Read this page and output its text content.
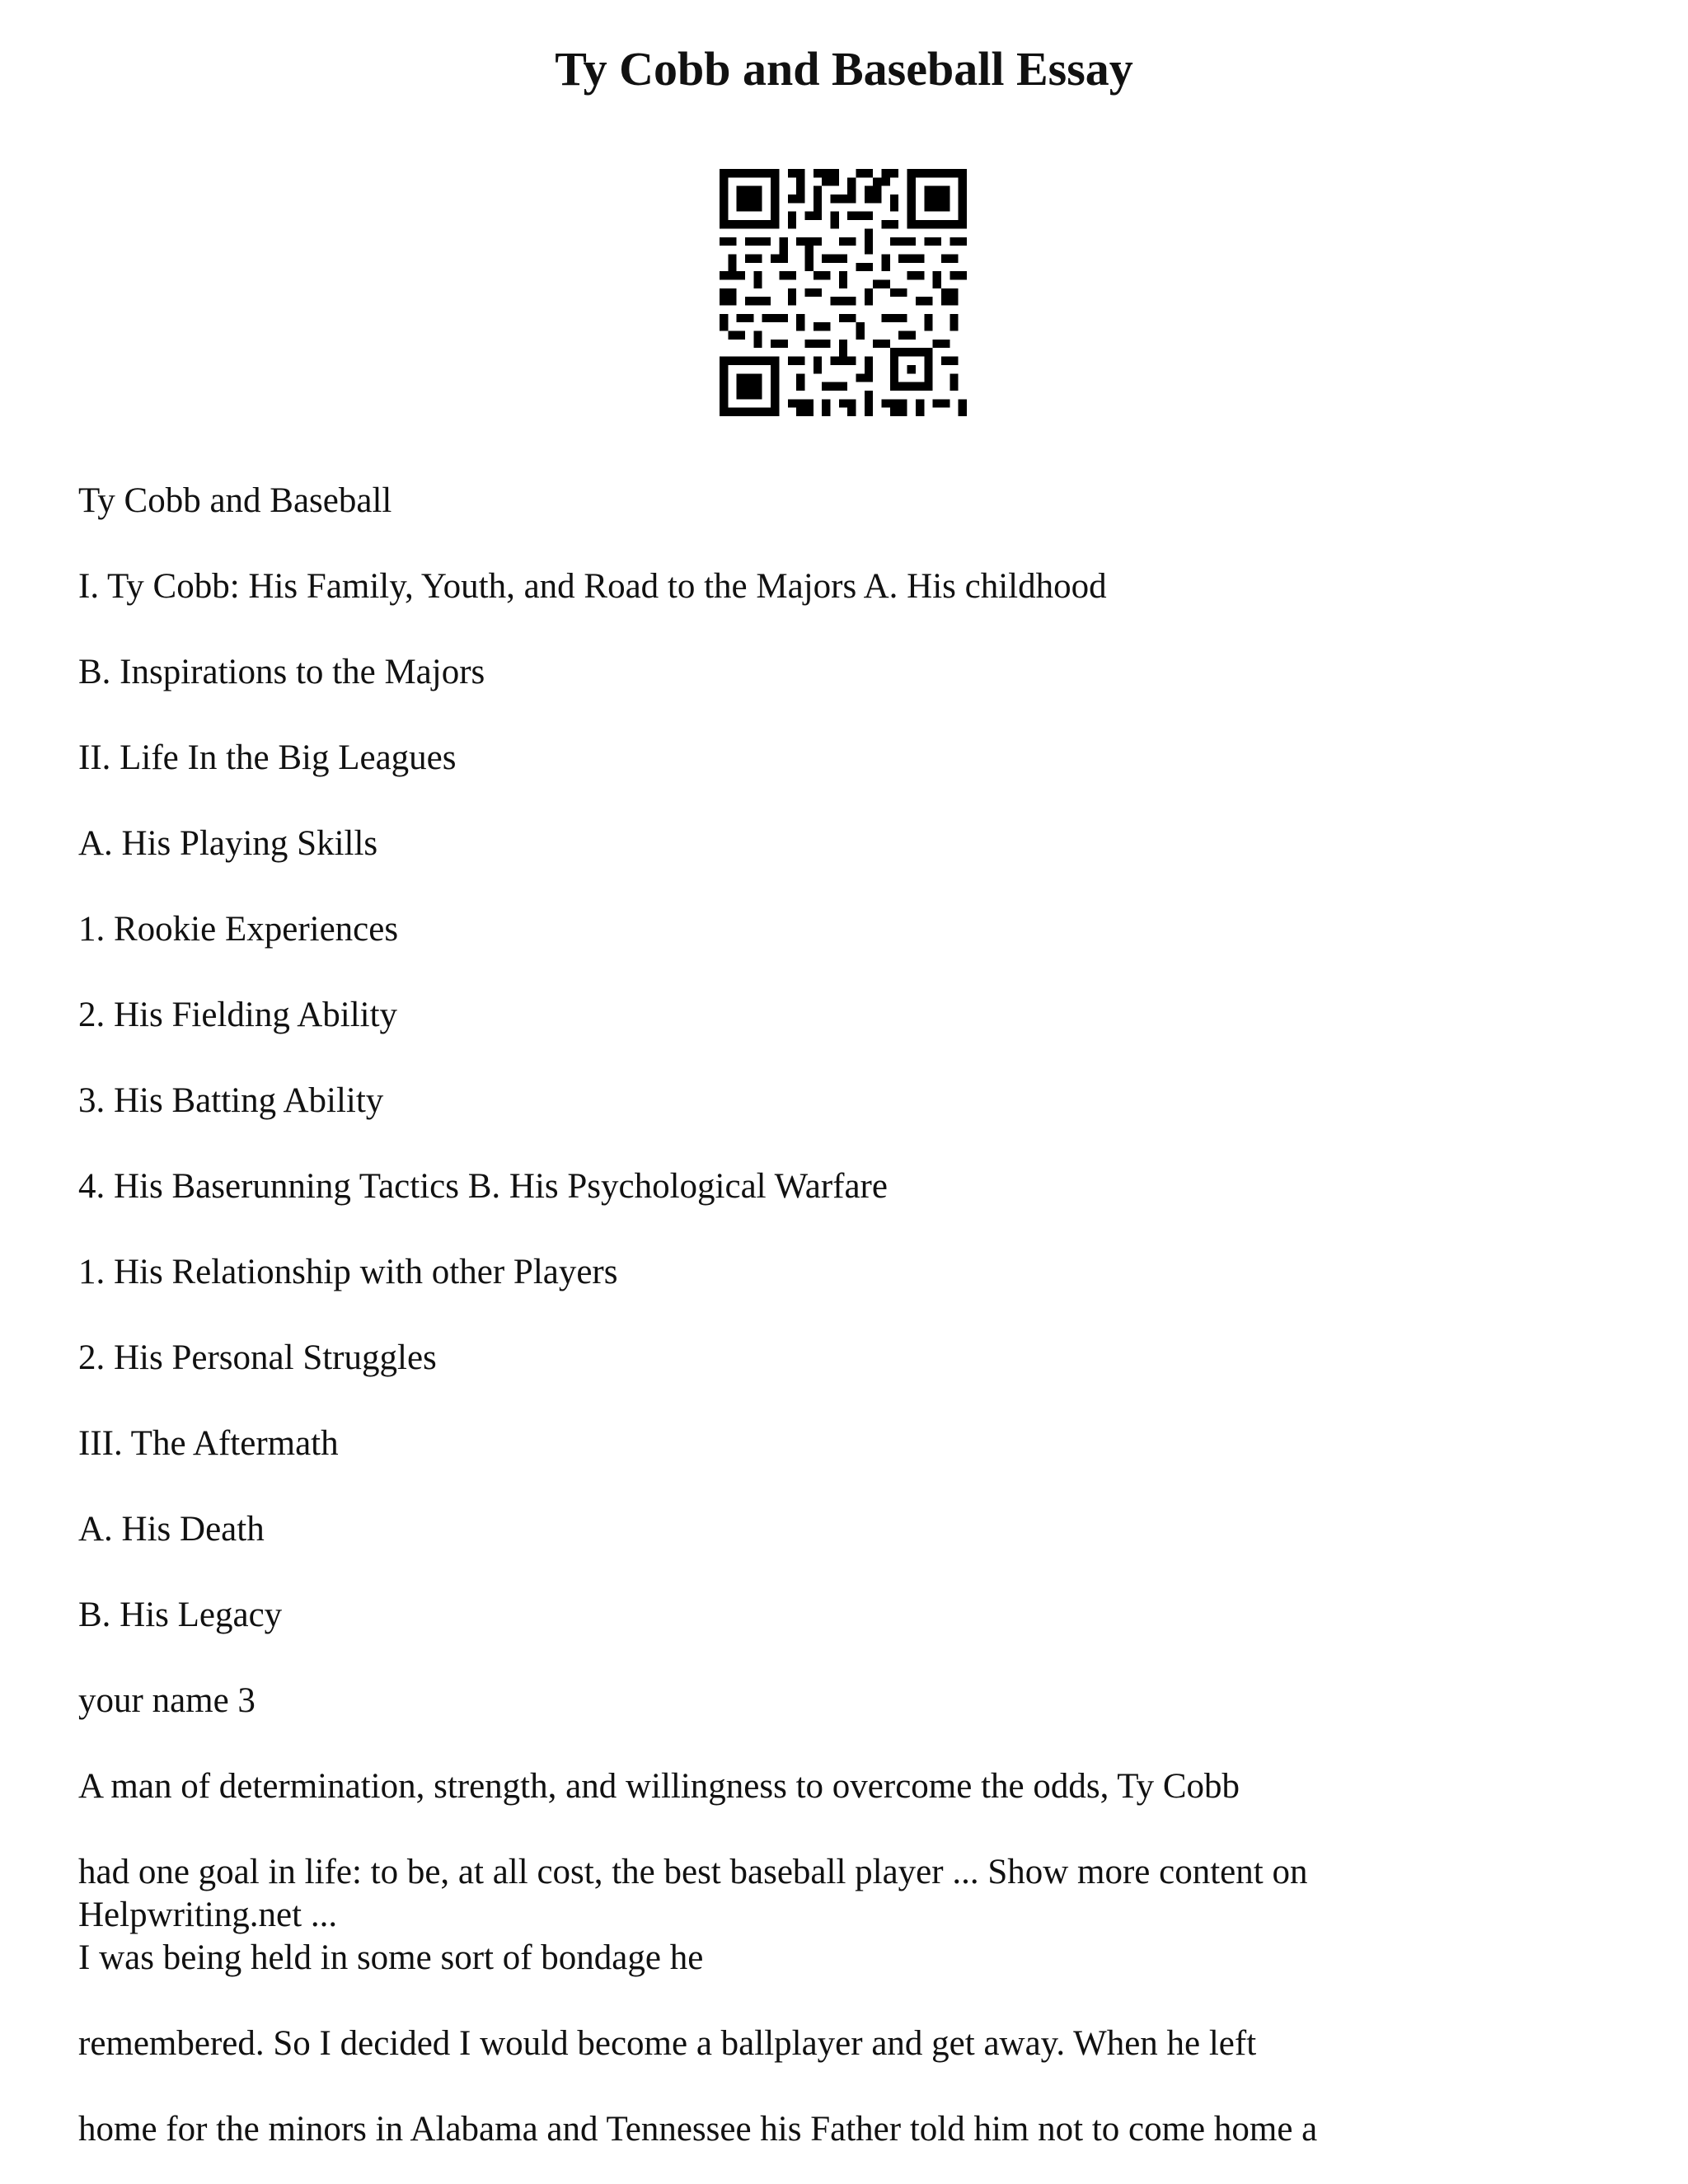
Ty Cobb and Baseball Essay

Ty Cobb and Baseball

I. Ty Cobb: His Family, Youth, and Road to the Majors A. His childhood

B. Inspirations to the Majors

II. Life In the Big Leagues

A. His Playing Skills

1. Rookie Experiences

2. His Fielding Ability

3. His Batting Ability

4. His Baserunning Tactics B. His Psychological Warfare

1. His Relationship with other Players

2. His Personal Struggles

III. The Aftermath

A. His Death

B. His Legacy

your name 3

A man of determination, strength, and willingness to overcome the odds, Ty Cobb

had one goal in life: to be, at all cost, the best baseball player ... Show more content on Helpwriting.net ...

I was being held in some sort of bondage he

remembered. So I decided I would become a ballplayer and get away. When he left

home for the minors in Alabama and Tennessee his Father told him not to come home a
